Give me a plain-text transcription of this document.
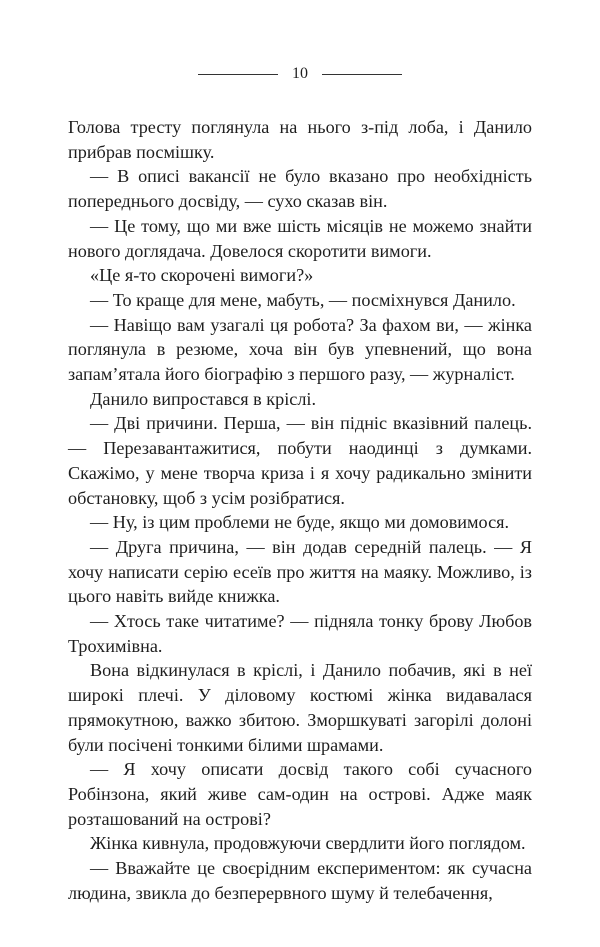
10

Голова тресту поглянула на нього з-під лоба, і Данило прибрав посмішку.

— В описі вакансії не було вказано про необхідність попереднього досвіду, — сухо сказав він.

— Це тому, що ми вже шість місяців не можемо знайти нового доглядача. Довелося скоротити вимоги.

«Це я-то скорочені вимоги?»

— То краще для мене, мабуть, — посміхнувся Данило.

— Навіщо вам узагалі ця робота? За фахом ви, — жінка поглянула в резюме, хоча він був упевнений, що вона запам’ятала його біографію з першого разу, — журналіст.

Данило випростався в кріслі.

— Дві причини. Перша, — він підніс вказівний палець. — Перезавантажитися, побути наодинці з думками. Скажімо, у мене творча криза і я хочу радикально змінити обстановку, щоб з усім розібратися.

— Ну, із цим проблеми не буде, якщо ми домовимося.

— Друга причина, — він додав середній палець. — Я хочу написати серію есеїв про життя на маяку. Можливо, із цього навіть вийде книжка.

— Хтось таке читатиме? — підняла тонку брову Любов Трохимівна.

Вона відкинулася в кріслі, і Данило побачив, які в неї широкі плечі. У діловому костюмі жінка видавалася прямокутною, важко збитою. Зморшкуваті загорілі долоні були посічені тонкими білими шрамами.

— Я хочу описати досвід такого собі сучасного Робінзона, який живе сам-один на острові. Адже маяк розташований на острові?

Жінка кивнула, продовжуючи свердлити його поглядом.

— Вважайте це своєрідним експериментом: як сучасна людина, звикла до безперервного шуму й телебачення,
